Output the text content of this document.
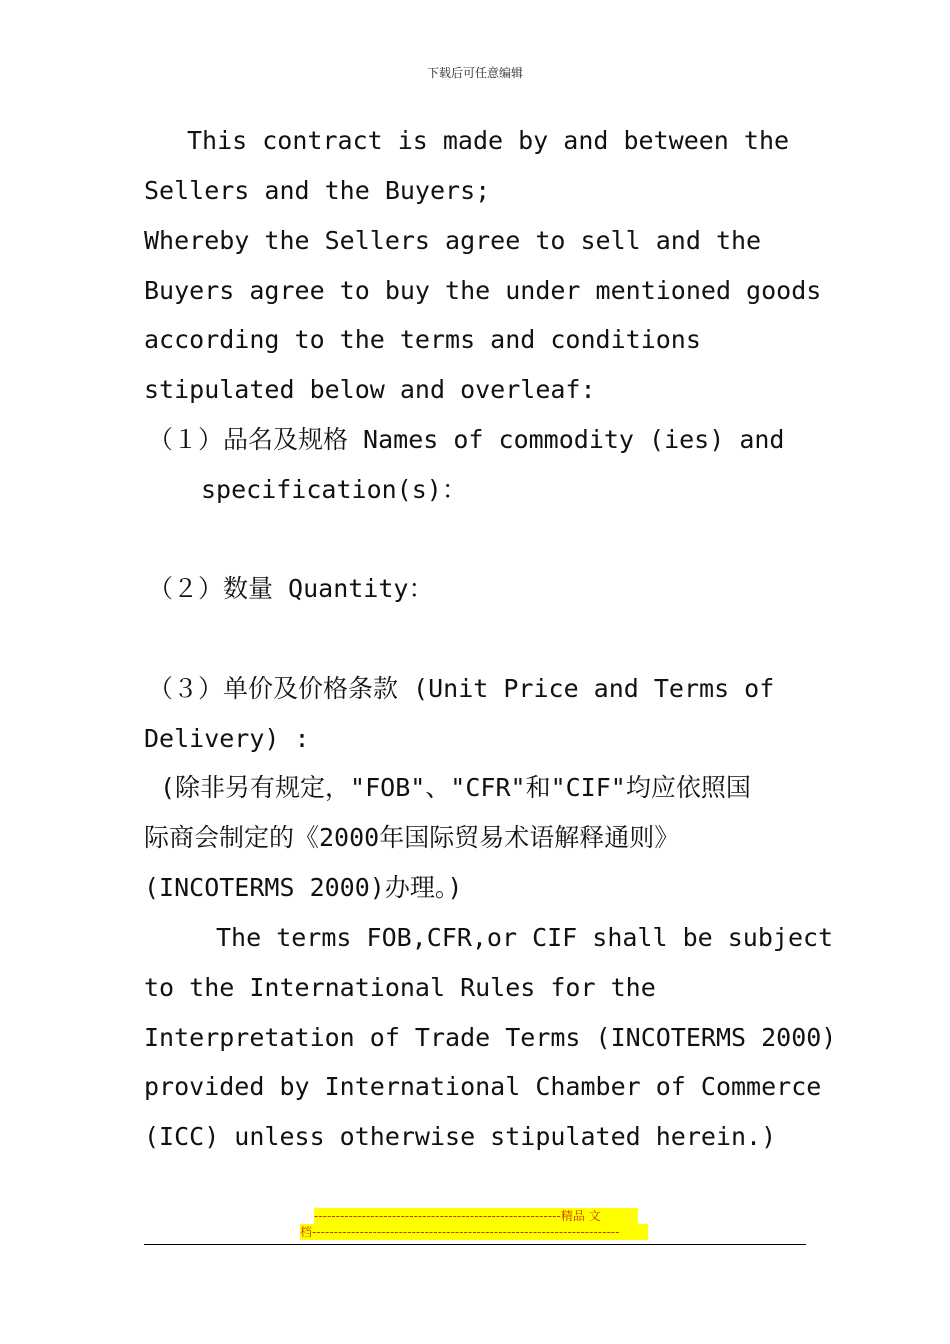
下载后可任意编辑
This contract is made by and between the
Sellers and the Buyers;
Whereby the Sellers agree to sell and the
Buyers agree to buy the under mentioned goods
according to the terms and conditions
stipulated below and overleaf:
（１）品名及规格 Names of commodity (ies) and
specification(s)：
（２）数量 Quantity：
（３）单价及价格条款 (Unit Price and Terms of
Delivery) :
(除非另有规定，"FOB"、"CFR"和"CIF"均应依照国
际商会制定的《2000年国际贸易术语解释通则》
(INCOTERMS 2000)办理。)
The terms FOB,CFR,or CIF shall be subject
to the International Rules for the
Interpretation of Trade Terms (INCOTERMS 2000)
provided by International Chamber of Commerce
(ICC) unless otherwise stipulated herein.)
---------------------------------------------------------精品 文
档-----------------------------------------------------------------------
